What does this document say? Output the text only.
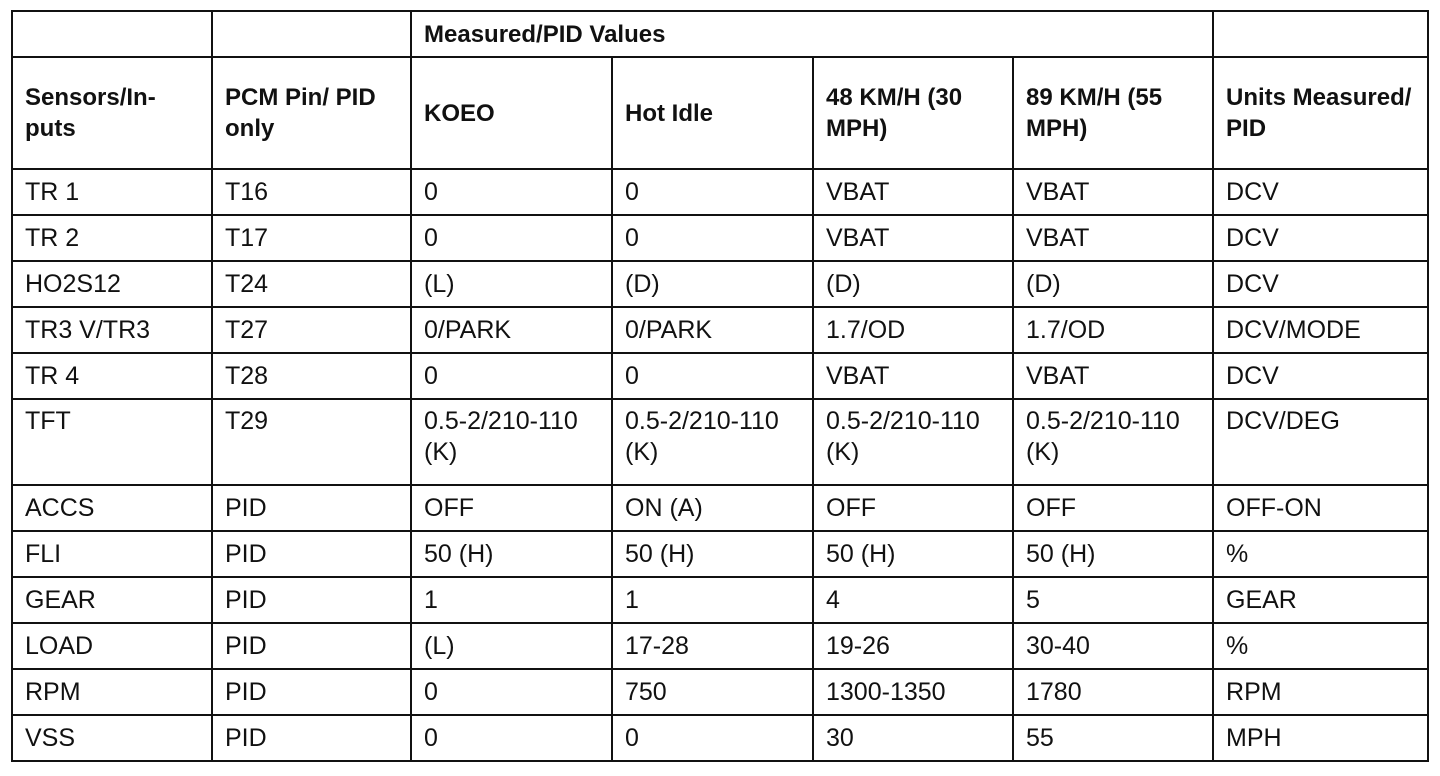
		Measured/PID Values				
Sensors/In-puts	PCM Pin/ PID only	KOEO	Hot Idle	48 KM/H (30 MPH)	89 KM/H (55 MPH)	Units Measured/ PID
TR 1	T16	0	0	VBAT	VBAT	DCV
TR 2	T17	0	0	VBAT	VBAT	DCV
HO2S12	T24	(L)	(D)	(D)	(D)	DCV
TR3 V/TR3	T27	0/PARK	0/PARK	1.7/OD	1.7/OD	DCV/MODE
TR 4	T28	0	0	VBAT	VBAT	DCV
TFT	T29	0.5-2/210-110 (K)	0.5-2/210-110 (K)	0.5-2/210-110 (K)	0.5-2/210-110 (K)	DCV/DEG
ACCS	PID	OFF	ON (A)	OFF	OFF	OFF-ON
FLI	PID	50 (H)	50 (H)	50 (H)	50 (H)	%
GEAR	PID	1	1	4	5	GEAR
LOAD	PID	(L)	17-28	19-26	30-40	%
RPM	PID	0	750	1300-1350	1780	RPM
VSS	PID	0	0	30	55	MPH
